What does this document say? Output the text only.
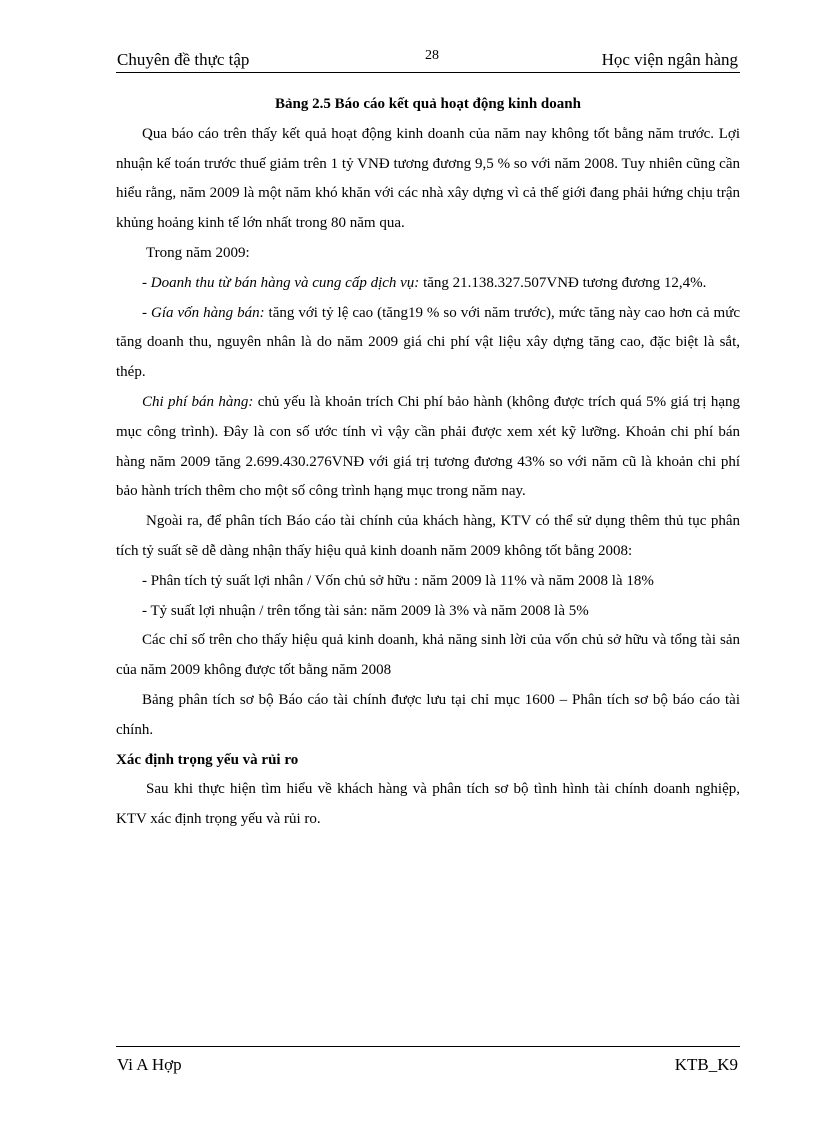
Chuyên đề thực tập	28	Học viện ngân hàng

Bảng 2.5 Báo cáo kết quả hoạt động kinh doanh

Qua báo cáo trên thấy kết quả hoạt động kinh doanh của năm nay không tốt bằng năm trước. Lợi nhuận kế toán trước thuế giảm trên 1 tỷ VNĐ tương đương 9,5 % so với năm 2008. Tuy nhiên cũng cần hiểu rằng, năm 2009 là một năm khó khăn với các nhà xây dựng vì cả thế giới đang phải hứng chịu trận khủng hoảng kinh tế lớn nhất trong 80 năm qua.

Trong năm 2009:

- Doanh thu từ bán hàng và cung cấp dịch vụ: tăng 21.138.327.507VNĐ tương đương 12,4%.

- Gía vốn hàng bán: tăng với tỷ lệ cao (tăng19 % so với năm trước), mức tăng này cao hơn cả mức tăng doanh thu, nguyên nhân là do năm 2009 giá chi phí vật liệu xây dựng tăng cao, đặc biệt là sắt, thép.

Chi phí bán hàng: chủ yếu là khoản trích Chi phí bảo hành (không được trích quá 5% giá trị hạng mục công trình). Đây là con số ước tính vì vậy cần phải được xem xét kỹ lưỡng. Khoản chi phí bán hàng năm 2009 tăng 2.699.430.276VNĐ với giá trị tương đương 43% so với năm cũ là khoản chi phí bảo hành trích thêm cho một số công trình hạng mục trong năm nay.

Ngoài ra, để phân tích Báo cáo tài chính của khách hàng, KTV có thể sử dụng thêm thủ tục phân tích tỷ suất sẽ dễ dàng nhận thấy hiệu quả kinh doanh năm 2009 không tốt bằng 2008:

- Phân tích tỷ suất lợi nhân / Vốn chủ sở hữu : năm 2009 là 11% và năm 2008 là 18%

- Tỷ suất lợi nhuận / trên tổng tài sản: năm 2009 là 3% và năm 2008 là 5%

Các chỉ số trên cho thấy hiệu quả kinh doanh, khả năng sinh lời của vốn chủ sở hữu và tổng tài sản của năm 2009 không được tốt bằng năm 2008

Bảng phân tích sơ bộ Báo cáo tài chính được lưu tại chỉ mục 1600 – Phân tích sơ bộ báo cáo tài chính.

Xác định trọng yếu và rủi ro

Sau khi thực hiện tìm hiểu về khách hàng và phân tích sơ bộ tình hình tài chính doanh nghiệp, KTV xác định trọng yếu và rủi ro.

Vi A Hợp	KTB_K9
